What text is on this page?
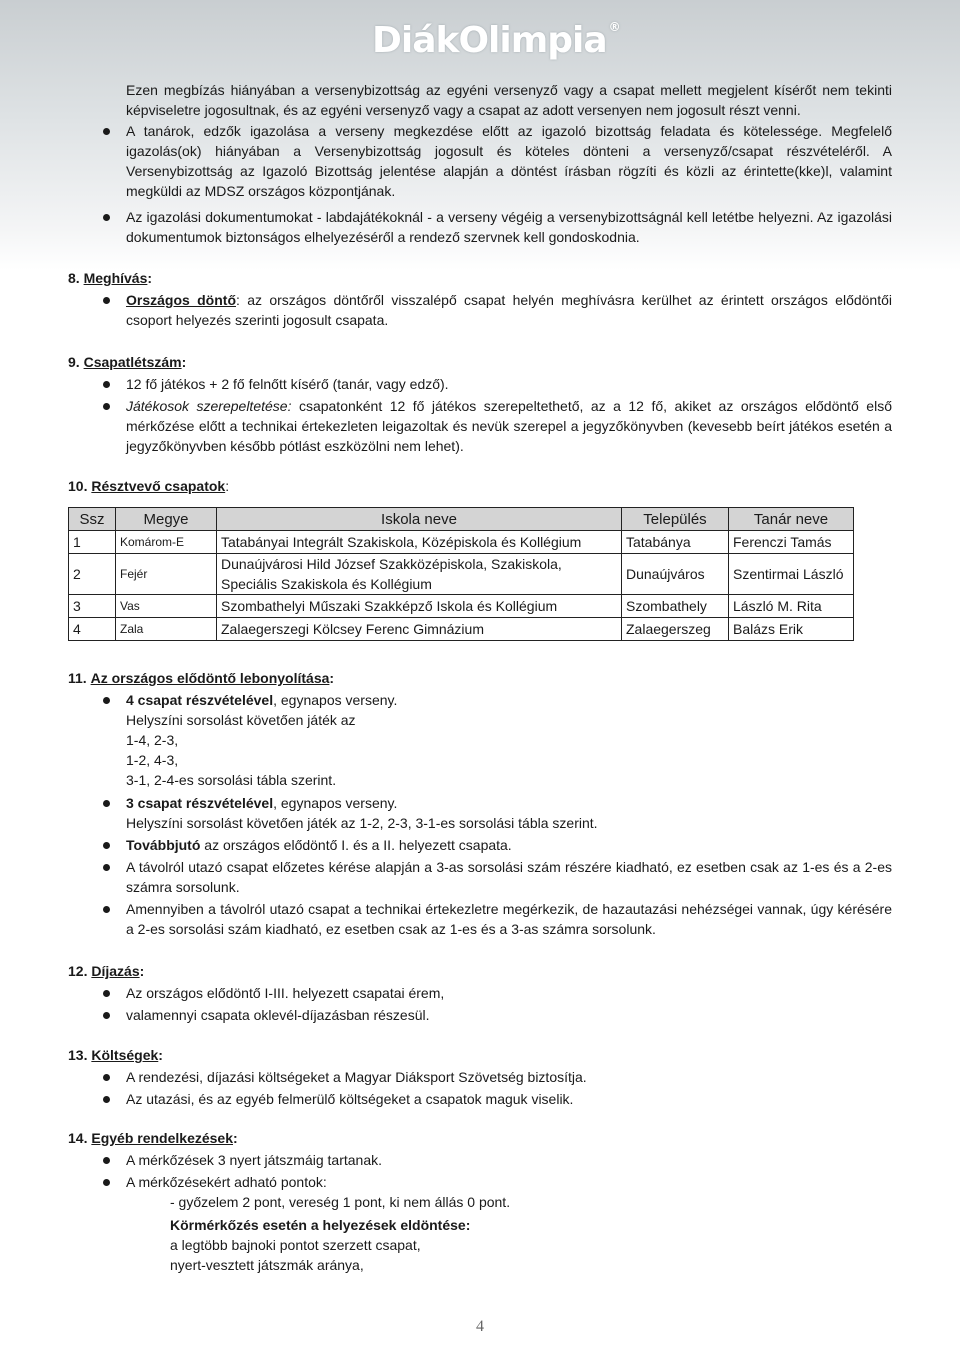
DiákOlimpia ®
Ezen megbízás hiányában a versenybizottság az egyéni versenyző vagy a csapat mellett megjelent kísérőt nem tekinti képviseletre jogosultnak, és az egyéni versenyző vagy a csapat az adott versenyen nem jogosult részt venni.
A tanárok, edzők igazolása a verseny megkezdése előtt az igazoló bizottság feladata és kötelessége. Megfelelő igazolás(ok) hiányában a Versenybizottság jogosult és köteles dönteni a versenyző/csapat részvételéről. A Versenybizottság az Igazoló Bizottság jelentése alapján a döntést írásban rögzíti és közli az érintette(kke)l, valamint megküldi az MDSZ országos központjának.
Az igazolási dokumentumokat - labdajátékoknál - a verseny végéig a versenybizottságnál kell letétbe helyezni. Az igazolási dokumentumok biztonságos elhelyezéséről a rendező szervnek kell gondoskodnia.
8. Meghívás:
Országos döntő: az országos döntőről visszalépő csapat helyén meghívásra kerülhet az érintett országos elődöntői csoport helyezés szerinti jogosult csapata.
9. Csapatlétszám:
12 fő játékos + 2 fő felnőtt kísérő (tanár, vagy edző).
Játékosok szerepeltetése: csapatonként 12 fő játékos szerepeltethető, az a 12 fő, akiket az országos elődöntő első mérkőzése előtt a technikai értekezleten leigazoltak és nevük szerepel a jegyzőkönyvben (kevesebb beírt játékos esetén a jegyzőkönyvben később pótlást eszközölni nem lehet).
10. Résztvevő csapatok:
Ssz	Megye	Iskola neve	Település	Tanár neve
1	Komárom-E	Tatabányai Integrált Szakiskola, Középiskola és Kollégium	Tatabánya	Ferenczi Tamás
2	Fejér	Dunaújvárosi Hild József Szakközépiskola, Szakiskola,
Speciális Szakiskola és Kollégium	Dunaújváros	Szentirmai László
3	Vas	Szombathelyi Műszaki Szakképző Iskola és Kollégium	Szombathely	László M. Rita
4	Zala	Zalaegerszegi Kölcsey Ferenc Gimnázium	Zalaegerszeg	Balázs Erik
11. Az országos elődöntő lebonyolítása:
4 csapat részvételével, egynapos verseny.
Helyszíni sorsolást követően játék az
1-4, 2-3,
1-2, 4-3,
3-1, 2-4-es sorsolási tábla szerint.
3 csapat részvételével, egynapos verseny.
Helyszíni sorsolást követően játék az 1-2, 2-3, 3-1-es sorsolási tábla szerint.
Továbbjutó az országos elődöntő I. és a II. helyezett csapata.
A távolról utazó csapat előzetes kérése alapján a 3-as sorsolási szám részére kiadható, ez esetben csak az 1-es és a 2-es számra sorsolunk.
Amennyiben a távolról utazó csapat a technikai értekezletre megérkezik, de hazautazási nehézségei vannak, úgy kérésére a 2-es sorsolási szám kiadható, ez esetben csak az 1-es és a 3-as számra sorsolunk.
12. Díjazás:
Az országos elődöntő I-III. helyezett csapatai érem,
valamennyi csapata oklevél-díjazásban részesül.
13. Költségek:
A rendezési, díjazási költségeket a Magyar Diáksport Szövetség biztosítja.
Az utazási, és az egyéb felmerülő költségeket a csapatok maguk viselik.
14. Egyéb rendelkezések:
A mérkőzések 3 nyert játszmáig tartanak.
A mérkőzésekért adható pontok:
- győzelem 2 pont, vereség 1 pont, ki nem állás 0 pont.
Körmérkőzés esetén a helyezések eldöntése:
a legtöbb bajnoki pontot szerzett csapat,
nyert-vesztett játszmák aránya,
4
